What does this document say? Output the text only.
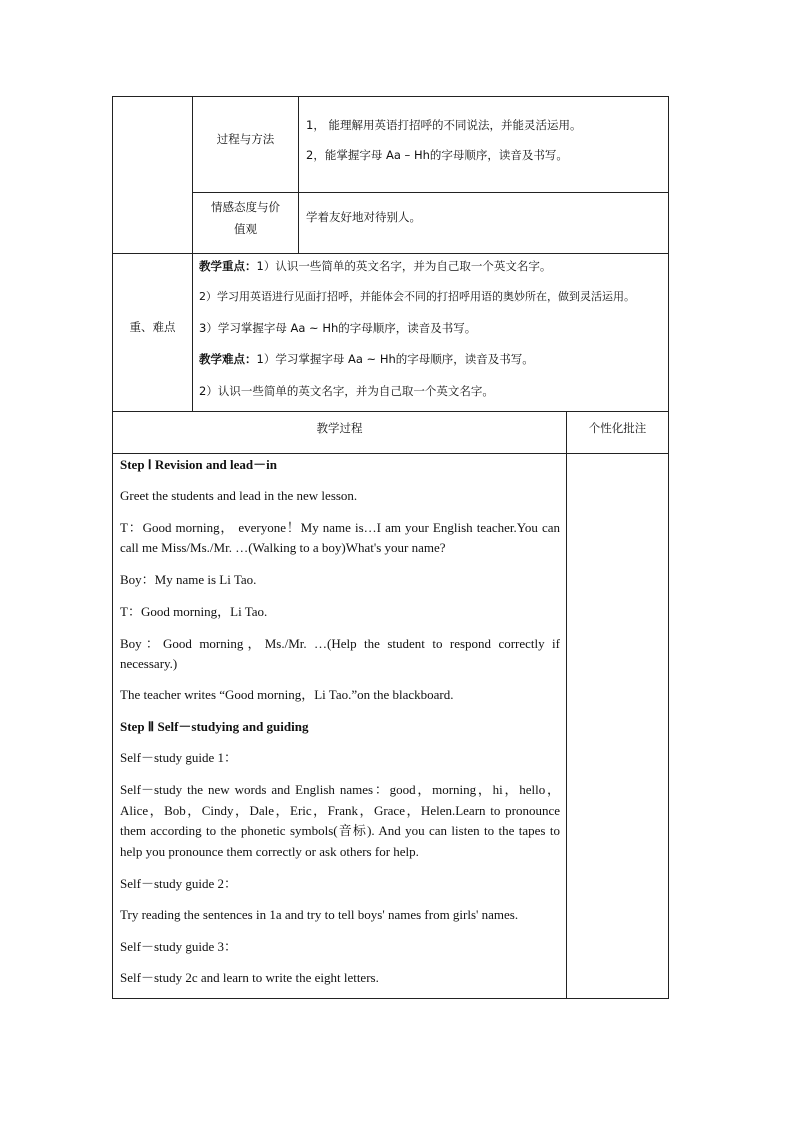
过程与方法
1， 能理解用英语打招呼的不同说法，并能灵活运用。
2，能掌握字母 Aa – Hh的字母顺序，读音及书写。
情感态度与价
值观
学着友好地对待别人。
重、难点
教学重点：1）认识一些简单的英文名字，并为自己取一个英文名字。
2）学习用英语进行见面打招呼，并能体会不同的打招呼用语的奥妙所在，做到灵活运用。
3）学习掌握字母 Aa ~ Hh的字母顺序，读音及书写。
教学难点：1）学习掌握字母 Aa ~ Hh的字母顺序，读音及书写。
2）认识一些简单的英文名字，并为自己取一个英文名字。
教学过程	个性化批注
Step Ⅰ Revision and lead－in
Greet the students and lead in the new lesson.
T：Good morning， everyone！My name is…I am your English teacher.You can call me Miss/Ms./Mr. …(Walking to a boy)What's your name?
Boy：My name is Li Tao.
T：Good morning，Li Tao.
Boy：Good morning，Ms./Mr. …(Help the student to respond correctly if necessary.)
The teacher writes “Good morning，Li Tao.”on the blackboard.
Step Ⅱ Self－studying and guiding
Self－study guide 1：
Self－study the new words and English names：good，morning，hi，hello，Alice，Bob，Cindy，Dale，Eric，Frank，Grace，Helen.Learn to pronounce them according to the phonetic symbols(音标). And you can listen to the tapes to help you pronounce them correctly or ask others for help.
Self－study guide 2：
Try reading the sentences in 1a and try to tell boys' names from girls' names.
Self－study guide 3：
Self－study 2c and learn to write the eight letters.
